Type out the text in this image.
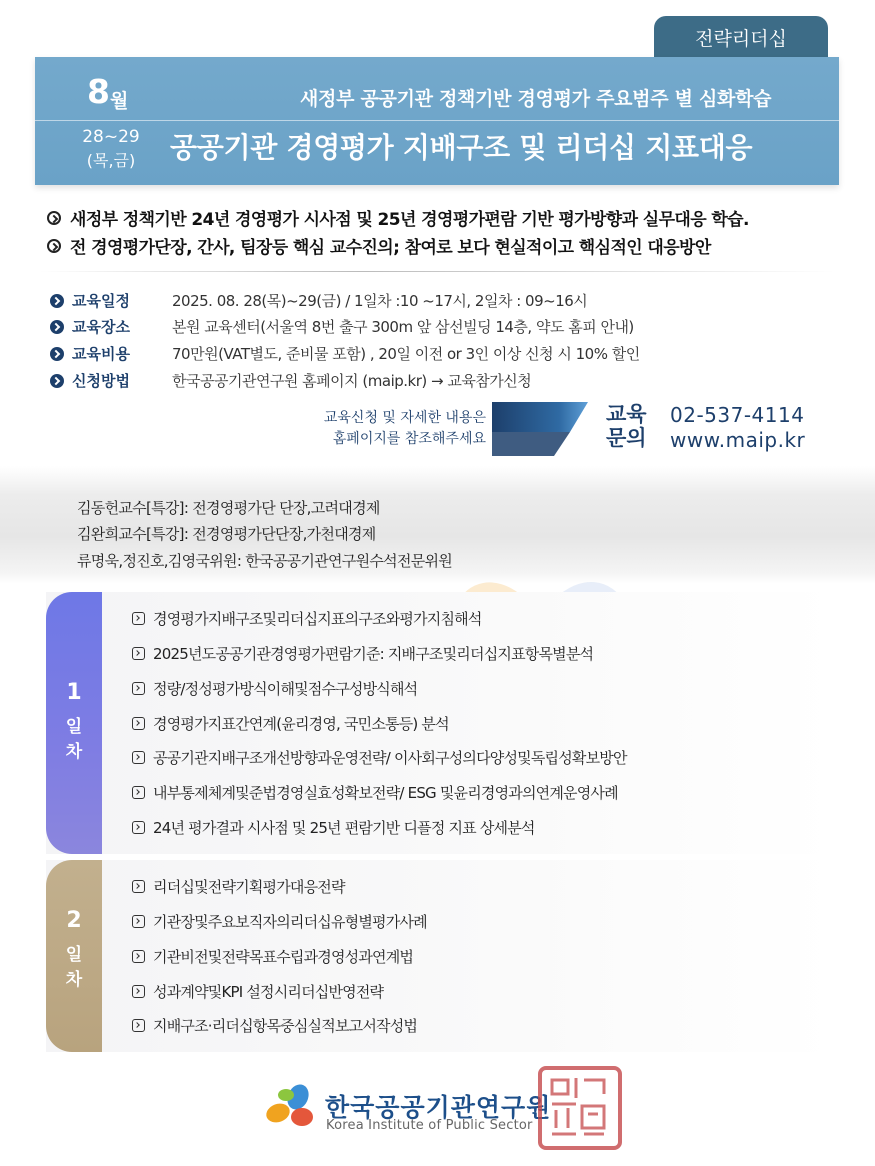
전략리더십
8 월
28~29
(목,금)
새정부 공공기관 정책기반 경영평가 주요범주 별 심화학습
공공기관 경영평가 지배구조 및 리더십 지표대응
새정부 정책기반 24년 경영평가 시사점 및 25년 경영평가편람 기반 평가방향과 실무대응 학습.
전 경영평가단장, 간사, 팀장등 핵심 교수진의; 참여로 보다 현실적이고 핵심적인 대응방안
교육일정	2025. 08. 28(목)~29(금) / 1일차 :10 ~17시, 2일차 : 09~16시
교육장소	본원 교육센터(서울역 8번 출구 300m 앞 삼선빌딩 14층, 약도 홈피 안내)
교육비용	70만원(VAT별도, 준비물 포함) , 20일 이전 or 3인 이상 신청 시 10% 할인
신청방법	한국공공기관연구원 홈페이지 (maip.kr) → 교육참가신청
교육신청 및 자세한 내용은
홈페이지를 참조해주세요
교육
문의
02-537-4114
www.maip.kr
김동헌교수[특강]: 전경영평가단 단장,고려대경제
김완희교수[특강]: 전경영평가단단장,가천대경제
류명욱,정진호,김영국위원: 한국공공기관연구원수석전문위원
1
일
차
경영평가지배구조및리더십지표의구조와평가지침해석
2025년도공공기관경영평가편람기준: 지배구조및리더십지표항목별분석
정량/정성평가방식이해및점수구성방식해석
경영평가지표간연계(윤리경영, 국민소통등) 분석
공공기관지배구조개선방향과운영전략/ 이사회구성의다양성및독립성확보방안
내부통제체계및준법경영실효성확보전략/ ESG 및윤리경영과의연계운영사례
24년 평가결과 시사점 및 25년 편람기반 디플정 지표 상세분석
2
일
차
리더십및전략기획평가대응전략
기관장및주요보직자의리더십유형별평가사례
기관비전및전략목표수립과경영성과연계법
성과계약및KPI 설정시리더십반영전략
지배구조·리더십항목중심실적보고서작성법
한국공공기관연구원
Korea Institute of Public Sector
